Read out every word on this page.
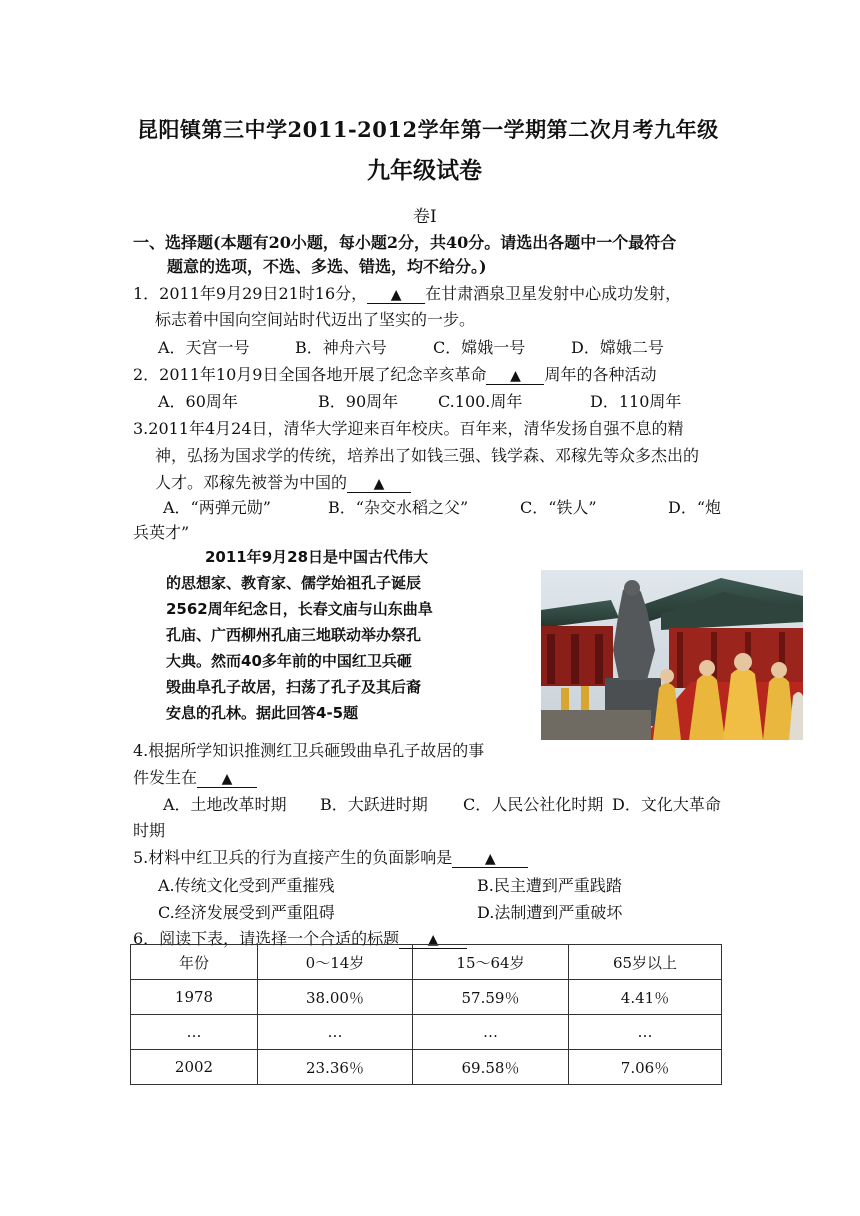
昆阳镇第三中学2011-2012学年第一学期第二次月考九年级
九年级试卷
卷Ⅰ
一、选择题(本题有20小题，每小题2分，共40分。请选出各题中一个最符合
题意的选项，不选、多选、错选，均不给分。)
1．2011年9月29日21时16分， ▲ 在甘肃酒泉卫星发射中心成功发射，
标志着中国向空间站时代迈出了坚实的一步。
A．天宫一号	B．神舟六号	C．嫦娥一号	D．嫦娥二号
2．2011年10月9日全国各地开展了纪念辛亥革命 ▲ 周年的各种活动
A．60周年	B．90周年 C.100.周年	D．110周年
3.2011年4月24日，清华大学迎来百年校庆。百年来，清华发扬自强不息的精
神，弘扬为国求学的传统，培养出了如钱三强、钱学森、邓稼先等众多杰出的
人才。邓稼先被誉为中国的 ▲
A．“两弹元勋”	B．“杂交水稻之父”	C．“铁人”	D．“炮
兵英才”
2011年9月28日是中国古代伟大
的思想家、教育家、儒学始祖孔子诞辰
2562周年纪念日，长春文庙与山东曲阜
孔庙、广西柳州孔庙三地联动举办祭孔
大典。然而40多年前的中国红卫兵砸
毁曲阜孔子故居，扫荡了孔子及其后裔
安息的孔林。据此回答4-5题
4.根据所学知识推测红卫兵砸毁曲阜孔子故居的事
件发生在 ▲
A．土地改革时期 B．大跃进时期 C．人民公社化时期 D．文化大革命
时期
5.材料中红卫兵的行为直接产生的负面影响是 ▲
A.传统文化受到严重摧残	B.民主遭到严重践踏
C.经济发展受到严重阻碍	D.法制遭到严重破坏
6．阅读下表，请选择一个合适的标题 ▲
年份	0～14岁	15～64岁	65岁以上
1978	38.00％	57.59％	4.41％
…	…	…	…
2002	23.36％	69.58％	7.06％
